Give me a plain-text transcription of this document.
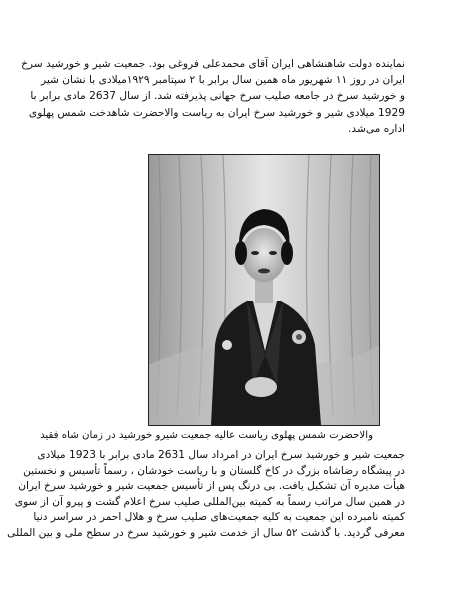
نماینده دولت شاهنشاهی ایران آقای محمدعلی فروغی بود. جمعیت شیر و خورشید سرخ
ایران در روز ۱۱ شهریور ماه همین سال برابر با ۲ سپتامبر ۱۹۲۹میلادی با نشان شیر
و خورشید سرخ در جامعه صلیب سرخ جهانی پذیرفته شد. از سال 2637 مادی برابر با
1929 میلادی شیر و خورشید سرخ ایران به ریاست والاحضرت شاهدخت شمس پهلوی
اداره می‌شد.
والاحضرت شمس پهلوی ریاست عالیه جمعیت شیرو خورشید در زمان شاه فقید
جمعیت شیر و خورشید سرخ ایران در امرداد سال 2631 مادی برابر با 1923 میلادی
در پیشگاه رضاشاه بزرگ در کاخ گلستان و با ریاست خودشان ، رسماً تأسیس و نخستین
هیأت مدیره آن تشکیل یافت. بی درنگ پس از تأسیس جمعیت شیر و خورشید سرخ ایران
در همین سال مراتب رسماً به کمیته بین‌المللی صلیب سرخ اعلام گشت و پیرو آن از سوی
کمیته نامبرده این جمعیت به کلیه جمعیت‌های صلیب سرخ و هلال احمر در سراسر دنیا
معرفی گردید. با گذشت ۵۲ سال از خدمت شیر و خورشید سرخ در سطح ملی و بین المللی
